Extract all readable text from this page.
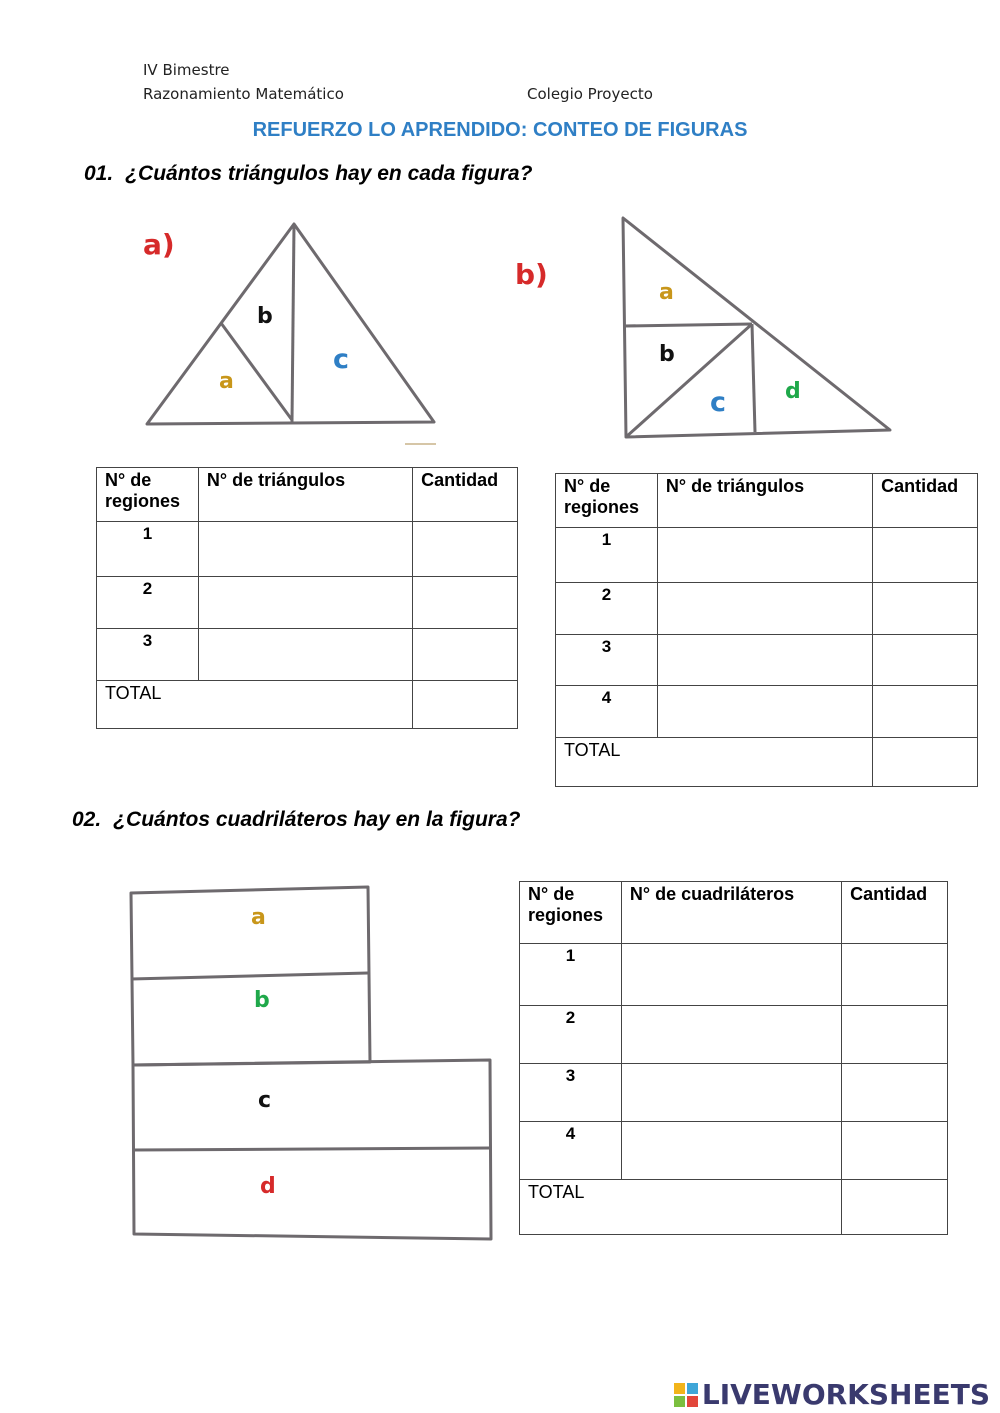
IV Bimestre
Razonamiento Matemático	Colegio Proyecto
REFUERZO LO APRENDIDO: CONTEO DE FIGURAS
01. ¿Cuántos triángulos hay en cada figura?
a)
a
b
c
b)
a
b
c	d
a
b
c
d
N° de regiones	N° de triángulos	Cantidad
1		
2		
3		
TOTAL		
N° de regiones	N° de triángulos	Cantidad
1		
2		
3		
4		
TOTAL		
02. ¿Cuántos cuadriláteros hay en la figura?
N° de regiones	N° de cuadriláteros	Cantidad
1		
2		
3		
4		
TOTAL		
LIVEWORKSHEETS
